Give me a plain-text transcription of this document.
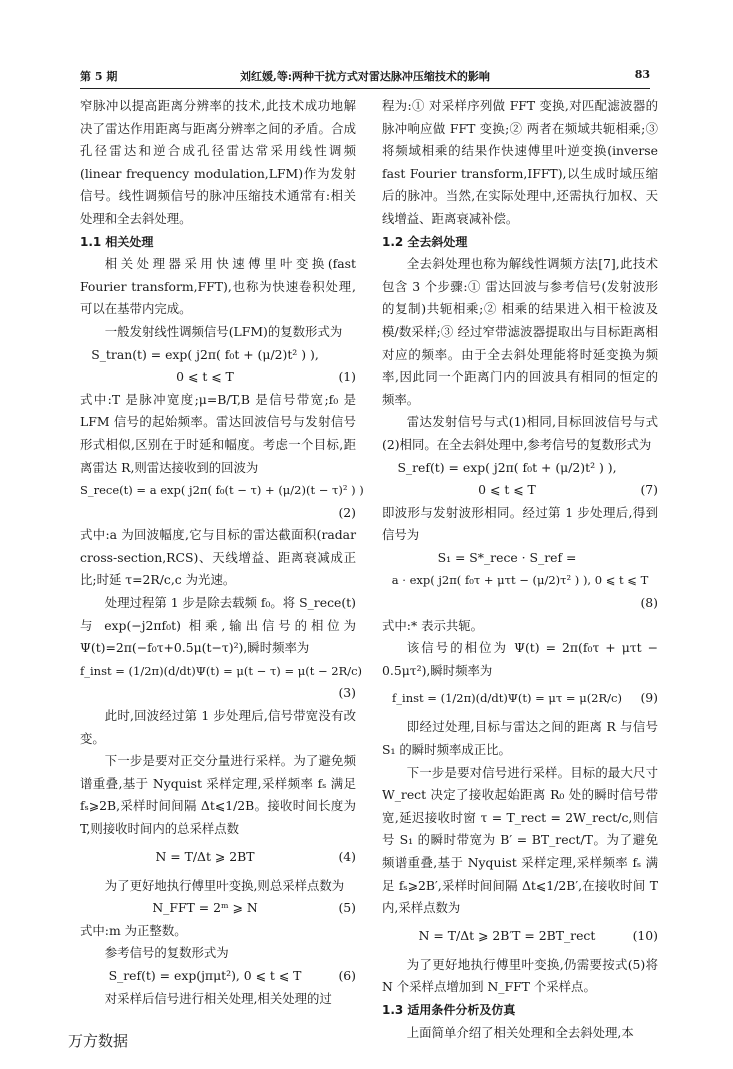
第 5 期	刘红媛,等:两种干扰方式对雷达脉冲压缩技术的影响	83

窄脉冲以提高距离分辨率的技术,此技术成功地解决了雷达作用距离与距离分辨率之间的矛盾。合成孔径雷达和逆合成孔径雷达常采用线性调频(linear frequency modulation,LFM)作为发射信号。线性调频信号的脉冲压缩技术通常有:相关处理和全去斜处理。

1.1 相关处理

相关处理器采用快速傅里叶变换(fast Fourier transform,FFT),也称为快速卷积处理,可以在基带内完成。

一般发射线性调频信号(LFM)的复数形式为

S_tran(t) = exp( j2π( f₀t + (μ/2)t² ) ),
0 ⩽ t ⩽ T	(1)

式中:T 是脉冲宽度;μ=B/T,B 是信号带宽;f₀ 是 LFM 信号的起始频率。雷达回波信号与发射信号形式相似,区别在于时延和幅度。考虑一个目标,距离雷达 R,则雷达接收到的回波为

S_rece(t) = a exp( j2π( f₀(t − τ) + (μ/2)(t − τ)² ) )
(2)

式中:a 为回波幅度,它与目标的雷达截面积(radar cross-section,RCS)、天线增益、距离衰减成正比;时延 τ=2R/c,c 为光速。

处理过程第 1 步是除去载频 f₀。将 S_rece(t) 与 exp(−j2πf₀t) 相乘,输出信号的相位为 Ψ(t)=2π(−f₀τ+0.5μ(t−τ)²),瞬时频率为

f_inst = (1/2π)(d/dt)Ψ(t) = μ(t − τ) = μ(t − 2R/c)
(3)

此时,回波经过第 1 步处理后,信号带宽没有改变。

下一步是要对正交分量进行采样。为了避免频谱重叠,基于 Nyquist 采样定理,采样频率 fₛ 满足 fₛ⩾2B,采样时间间隔 Δt⩽1/2B。接收时间长度为 T,则接收时间内的总采样点数

N = T/Δt ⩾ 2BT	(4)

为了更好地执行傅里叶变换,则总采样点数为

N_FFT = 2ᵐ ⩾ N	(5)

式中:m 为正整数。

参考信号的复数形式为

S_ref(t) = exp(jπμt²), 0 ⩽ t ⩽ T	(6)

对采样后信号进行相关处理,相关处理的过

程为:① 对采样序列做 FFT 变换,对匹配滤波器的脉冲响应做 FFT 变换;② 两者在频域共轭相乘;③ 将频域相乘的结果作快速傅里叶逆变换(inverse fast Fourier transform,IFFT),以生成时域压缩后的脉冲。当然,在实际处理中,还需执行加权、天线增益、距离衰减补偿。

1.2 全去斜处理

全去斜处理也称为解线性调频方法[7],此技术包含 3 个步骤:① 雷达回波与参考信号(发射波形的复制)共轭相乘;② 相乘的结果进入相干检波及模/数采样;③ 经过窄带滤波器提取出与目标距离相对应的频率。由于全去斜处理能将时延变换为频率,因此同一个距离门内的回波具有相同的恒定的频率。

雷达发射信号与式(1)相同,目标回波信号与式(2)相同。在全去斜处理中,参考信号的复数形式为

S_ref(t) = exp( j2π( f₀t + (μ/2)t² ) ),
0 ⩽ t ⩽ T	(7)

即波形与发射波形相同。经过第 1 步处理后,得到信号为

S₁ = S*_rece · S_ref =
a · exp( j2π( f₀τ + μτt − (μ/2)τ² ) ), 0 ⩽ t ⩽ T
(8)

式中:* 表示共轭。

该信号的相位为 Ψ(t) = 2π(f₀τ + μτt − 0.5μτ²),瞬时频率为

f_inst = (1/2π)(d/dt)Ψ(t) = μτ = μ(2R/c)	(9)

即经过处理,目标与雷达之间的距离 R 与信号 S₁ 的瞬时频率成正比。

下一步是要对信号进行采样。目标的最大尺寸 W_rect 决定了接收起始距离 R₀ 处的瞬时信号带宽,延迟接收时窗 τ = T_rect = 2W_rect/c,则信号 S₁ 的瞬时带宽为 B′ = BT_rect/T。为了避免频谱重叠,基于 Nyquist 采样定理,采样频率 fₛ 满足 fₛ⩾2B′,采样时间间隔 Δt⩽1/2B′,在接收时间 T 内,采样点数为

N = T/Δt ⩾ 2B′T = 2BT_rect	(10)

为了更好地执行傅里叶变换,仍需要按式(5)将 N 个采样点增加到 N_FFT 个采样点。

1.3 适用条件分析及仿真

上面简单介绍了相关处理和全去斜处理,本

万方数据
